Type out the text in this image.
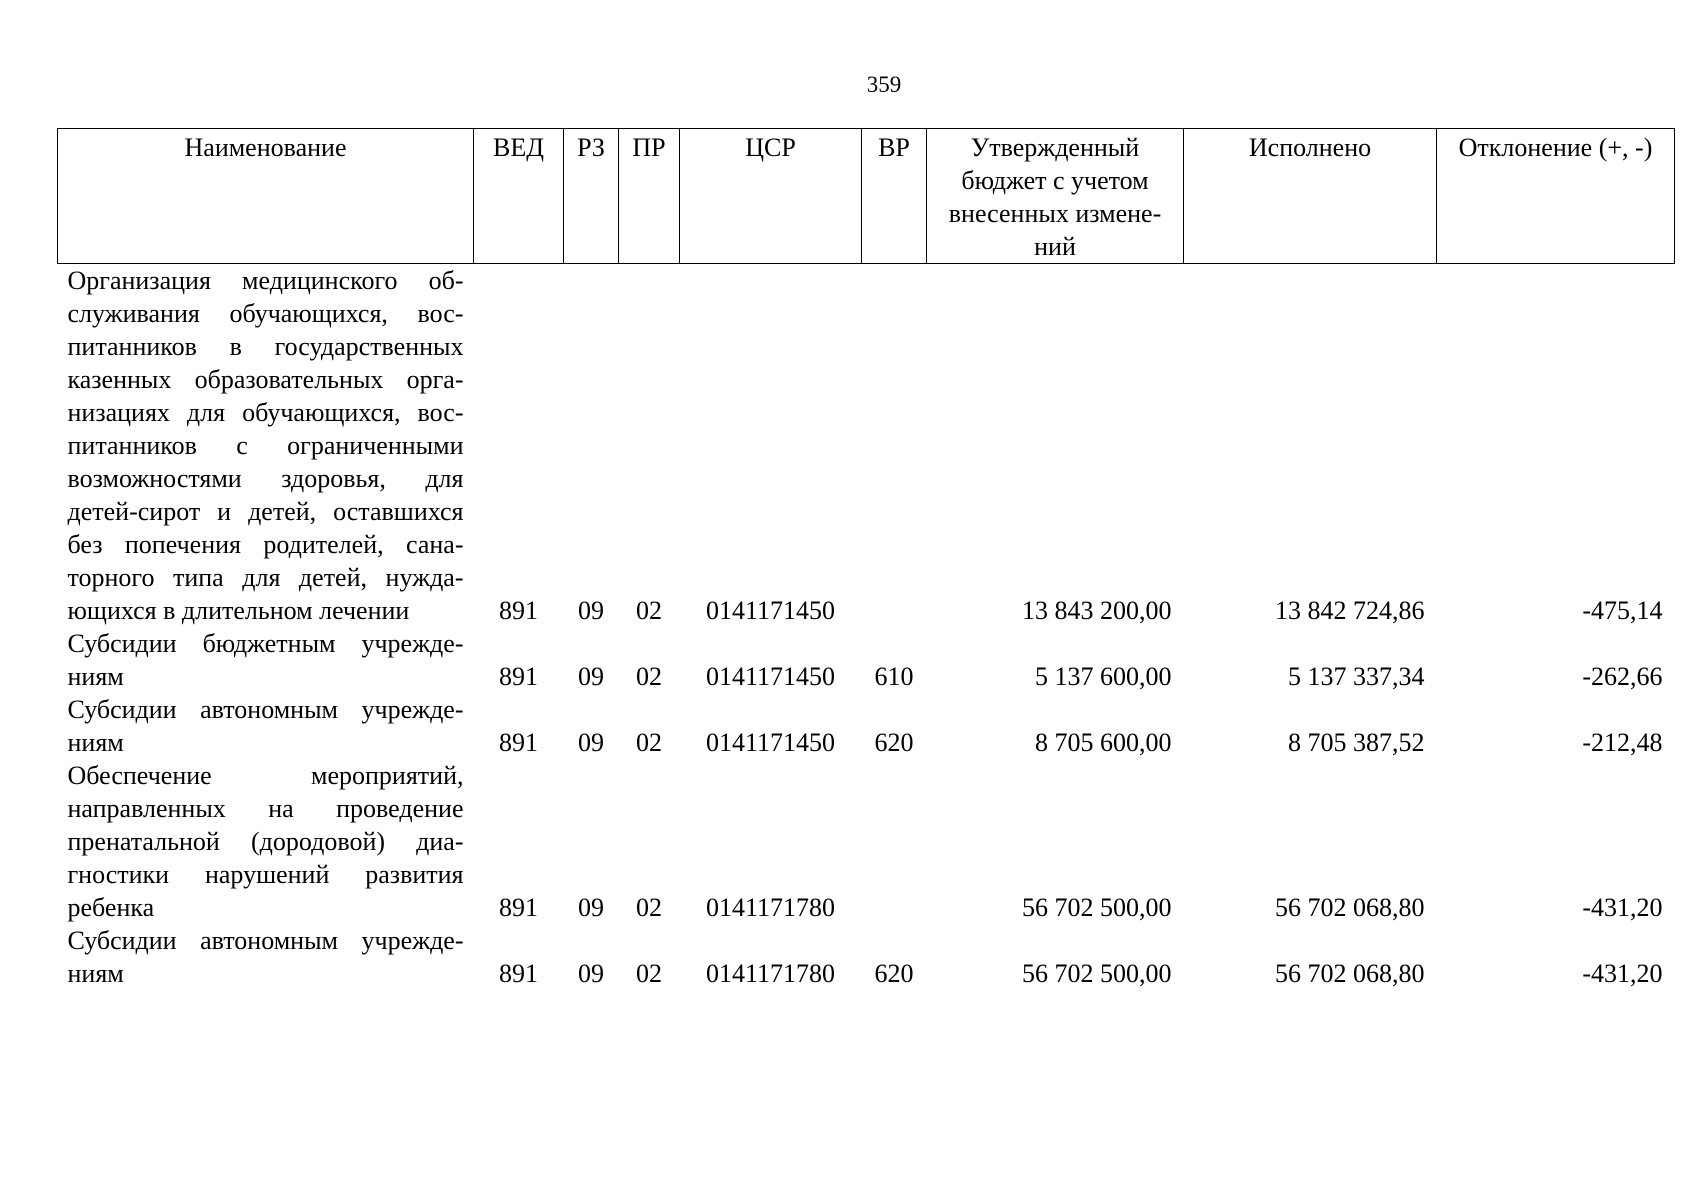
359
Наименование	ВЕД	РЗ	ПР	ЦСР	ВР	Утвержденный бюджет с учетом внесенных измене-ний	Исполнено	Отклонение (+, -)
Организация медицинского об-служивания обучающихся, вос-питанников в государственных казенных образовательных орга-низациях для обучающихся, вос-питанников с ограниченными возможностями здоровья, для детей-сирот и детей, оставшихся без попечения родителей, сана-торного типа для детей, нужда-ющихся в длительном лечении	891	09	02	0141171450		13 843 200,00	13 842 724,86	-475,14
Субсидии бюджетным учрежде-ниям	891	09	02	0141171450	610	5 137 600,00	5 137 337,34	-262,66
Субсидии автономным учрежде-ниям	891	09	02	0141171450	620	8 705 600,00	8 705 387,52	-212,48
Обеспечение мероприятий, направленных на проведение пренатальной (дородовой) диа-гностики нарушений развития ребенка	891	09	02	0141171780		56 702 500,00	56 702 068,80	-431,20
Субсидии автономным учрежде-ниям	891	09	02	0141171780	620	56 702 500,00	56 702 068,80	-431,20
